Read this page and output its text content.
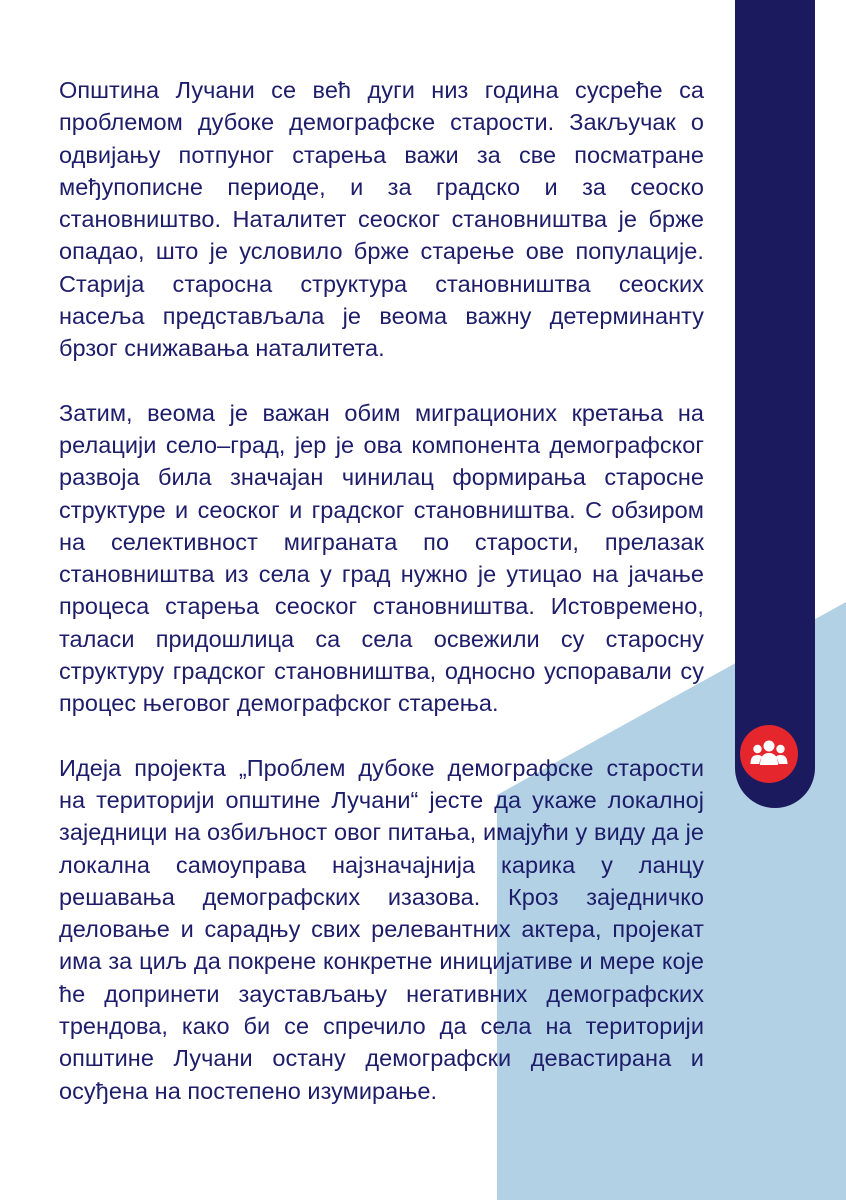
Општина Лучани се већ дуги низ година сусреће са проблемом дубоке демографске старости. Закључак о одвијању потпуног старења важи за све посматране међупописне периоде, и за градско и за сеоско становништво. Наталитет сеоског становништва је брже опадао, што је условило брже старење ове популације. Старија старосна структура становништва сеоских насеља представљала је веома важну детерминанту брзог снижавања наталитета.

Затим, веома је важан обим миграционих кретања на релацији село–град, јер је ова компонента демографског развоја била значајан чинилац формирања старосне структуре и сеоског и градског становништва. С обзиром на селективност миграната по старости, прелазак становништва из села у град нужно је утицао на јачање процеса старења сеоског становништва. Истовремено, таласи придошлица са села освежили су старосну структуру градског становништва, односно успоравали су процес његовог демографског старења.

Идеја пројекта „Проблем дубоке демографске старости на територији општине Лучани“ јесте да укаже локалној заједници на озбиљност овог питања, имајући у виду да је локална самоуправа најзначајнија карика у ланцу решавања демографских изазова. Кроз заједничко деловање и сарадњу свих релевантних актера, пројекат има за циљ да покрене конкретне иницијативе и мере које ће допринети заустављању негативних демографских трендова, како би се спречило да села на територији општине Лучани остану демографски девастирана и осуђена на постепено изумирање.
